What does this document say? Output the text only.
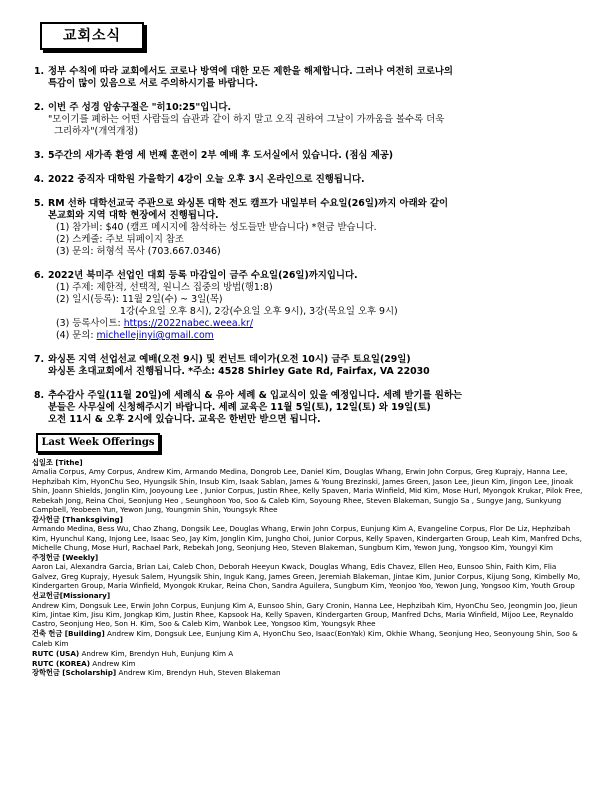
교회소식
1. 정부 수칙에 따라 교회에서도 코로나 방역에 대한 모든 제한을 해제합니다. 그러나 여전히 코로나의

특감이 많이 있음으로 서로 주의하시기를 바랍니다.

2. 이번 주 성경 암송구절은 "히10:25"입니다.

"모이기를 폐하는 어떤 사람들의 습관과 같이 하지 말고 오직 권하여 그날이 가까움을 볼수록 더욱

그리하자"(개역개정)

3. 5주간의 새가족 환영 세 번째 훈련이 2부 예배 후 도서실에서 있습니다. (점심 제공)

4. 2022 중직자 대학원 가을학기 4강이 오늘 오후 3시 온라인으로 진행됩니다.

5. RM 선하 대학선교국 주관으로 와싱톤 대학 전도 캠프가 내일부터 수요일(26일)까지 아래와 같이

본교회와 지역 대학 현장에서 진행됩니다.

(1) 참가비: $40 (캠프 메시지에 참석하는 성도들만 받습니다) *현금 받습니다.

(2) 스케줄: 주보 뒤페이지 참조

(3) 문의: 허형석 목사 (703.667.0346)

6. 2022년 북미주 선업인 대회 등록 마감일이 금주 수요일(26일)까지입니다.

(1) 주제: 제한적, 선택적, 원니스 집중의 방법(행1:8)

(2) 일시(등록): 11월 2일(수) ~ 3일(목)

1강(수요일 오후 8시), 2강(수요일 오후 9시), 3강(목요일 오후 9시)

(3) 등록사이트: https://2022nabec.weea.kr/

(4) 문의: michellejinyi@gmail.com

7. 와싱톤 지역 선업선교 예배(오전 9시) 및 컨넌트 데이가(오전 10시) 금주 토요일(29일)

와싱톤 초대교회에서 진행됩니다. *주소: 4528 Shirley Gate Rd, Fairfax, VA 22030

8. 추수감사 주일(11월 20일)에 세례식 & 유아 세례 & 입교식이 있을 예정입니다. 세례 받기를 원하는

분들은 사무실에 신청해주시기 바랍니다. 세례 교육은 11월 5일(토), 12일(토) 와 19일(토)

오전 11시 & 오후 2시에 있습니다. 교육은 한번만 받으면 됩니다.

Last Week Offerings

십일조 [Tithe]
Amalia Corpus, Amy Corpus, Andrew Kim, Armando Medina, Dongrob Lee, Daniel Kim, Douglas Whang, Erwin John Corpus, Greg Kuprajy, Hanna Lee, Hephzibah Kim, HyonChu Seo, Hyungsik Shin, Insub Kim, Isaak Sablan, James & Young Brezinski, James Green, Jason Lee, Jieun Kim, Jingon Lee, Jinoak Shin, Joann Shields, Jonglin Kim, Jooyoung Lee , Junior Corpus, Justin Rhee, Kelly Spaven, Maria Winfield, Mid Kim, Mose Hurl, Myongok Krukar, Pilok Free, Rebekah Jong, Reina Choi, Seonjung Heo , Seunghoon Yoo, Soo & Caleb Kim, Soyoung Rhee, Steven Blakeman, Sungjo Sa , Sungye Jang, Sunkyung Campbell, Yeobeen Yun, Yewon Jung, Youngmin Shin, Youngsyk Rhee

감사헌금 [Thanksgiving]
Armando Medina, Bess Wu, Chao Zhang, Dongsik Lee, Douglas Whang, Erwin John Corpus, Eunjung Kim A, Evangeline Corpus, Flor De Liz, Hephzibah Kim, Hyunchul Kang, Injong Lee, Isaac Seo, Jay Kim, Jonglin Kim, Jungho Choi, Junior Corpus, Kelly Spaven, Kindergarten Group, Leah Kim, Manfred Dchs, Michelle Chung, Mose Hurl, Rachael Park, Rebekah Jong, Seonjung Heo, Steven Blakeman, Sungbum Kim, Yewon Jung, Yongsoo Kim, Youngyi Kim

주정헌금 [Weekly]
Aaron Lai, Alexandra Garcia, Brian Lai, Caleb Chon, Deborah Heeyun Kwack, Douglas Whang, Edis Chavez, Ellen Heo, Eunsoo Shin, Faith Kim, Flia Galvez, Greg Kuprajy, Hyesuk Salem, Hyungsik Shin, Inguk Kang, James Green, Jeremiah Blakeman, Jintae Kim, Junior Corpus, Kijung Song, Kimbelly Mo, Kindergarten Group, Maria Winfield, Myongok Krukar, Reina Chon, Sandra Aguilera, Sungbum Kim, Yeonjoo Yoo, Yewon Jung, Yongsoo Kim, Youth Group

선교헌금[Missionary]
Andrew Kim, Dongsuk Lee, Erwin John Corpus, Eunjung Kim A, Eunsoo Shin, Gary Cronin, Hanna Lee, Hephzibah Kim, HyonChu Seo, Jeongmin Joo, Jieun Kim, Jintae Kim, Jisu Kim, Jongkap Kim, Justin Rhee, Kapsook Ha, Kelly Spaven, Kindergarten Group, Manfred Dchs, Maria Winfield, Mijoo Lee, Reynaldo Castro, Seonjung Heo, Son H. Kim, Soo & Caleb Kim, Wanbok Lee, Yongsoo Kim, Youngsyk Rhee

건축 헌금 [Building] Andrew Kim, Dongsuk Lee, Eunjung Kim A, HyonChu Seo, Isaac(EonYak) Kim, Okhie Whang, Seonjung Heo, Seonyoung Shin, Soo & Caleb Kim

RUTC (USA) Andrew Kim, Brendyn Huh, Eunjung Kim A

RUTC (KOREA) Andrew Kim

장학헌금 [Scholarship] Andrew Kim, Brendyn Huh, Steven Blakeman
